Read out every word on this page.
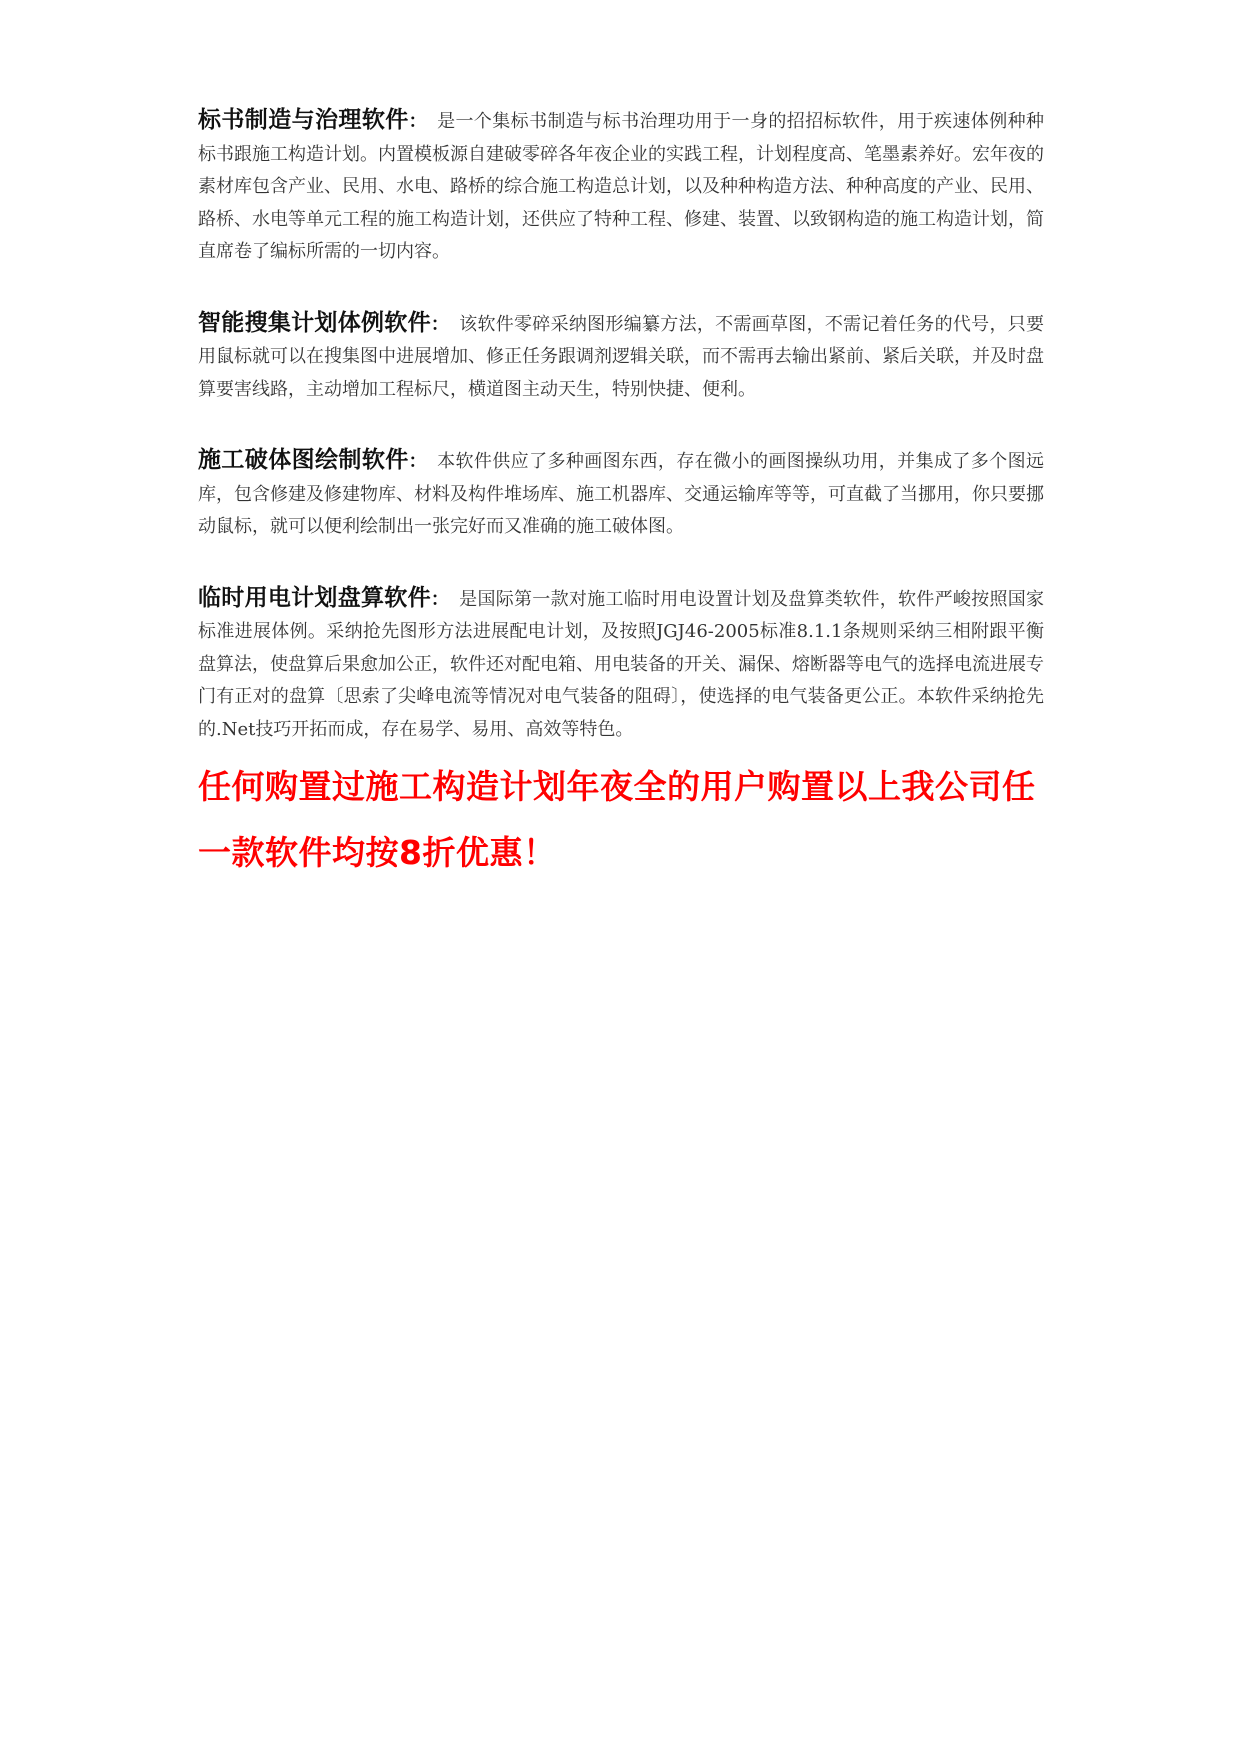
标书制造与治理软件： 是一个集标书制造与标书治理功用于一身的招招标软件，用于疾速体例种种标书跟施工构造计划。内置模板源自建破零碎各年夜企业的实践工程，计划程度高、笔墨素养好。宏年夜的素材库包含产业、民用、水电、路桥的综合施工构造总计划，以及种种构造方法、种种高度的产业、民用、路桥、水电等单元工程的施工构造计划，还供应了特种工程、修建、装置、以致钢构造的施工构造计划，简直席卷了编标所需的一切内容。

智能搜集计划体例软件： 该软件零碎采纳图形编纂方法，不需画草图，不需记着任务的代号，只要用鼠标就可以在搜集图中进展增加、修正任务跟调剂逻辑关联，而不需再去输出紧前、紧后关联，并及时盘算要害线路，主动增加工程标尺，横道图主动天生，特别快捷、便利。

施工破体图绘制软件： 本软件供应了多种画图东西，存在微小的画图操纵功用，并集成了多个图远库，包含修建及修建物库、材料及构件堆场库、施工机器库、交通运输库等等，可直截了当挪用，你只要挪动鼠标，就可以便利绘制出一张完好而又准确的施工破体图。

临时用电计划盘算软件： 是国际第一款对施工临时用电设置计划及盘算类软件，软件严峻按照国家标准进展体例。采纳抢先图形方法进展配电计划，及按照JGJ46-2005标准8.1.1条规则采纳三相附跟平衡盘算法，使盘算后果愈加公正，软件还对配电箱、用电装备的开关、漏保、熔断器等电气的选择电流进展专门有正对的盘算〔思索了尖峰电流等情况对电气装备的阻碍〕，使选择的电气装备更公正。本软件采纳抢先的.Net技巧开拓而成，存在易学、易用、高效等特色。

任何购置过施工构造计划年夜全的用户购置以上我公司任一款软件均按8折优惠！
